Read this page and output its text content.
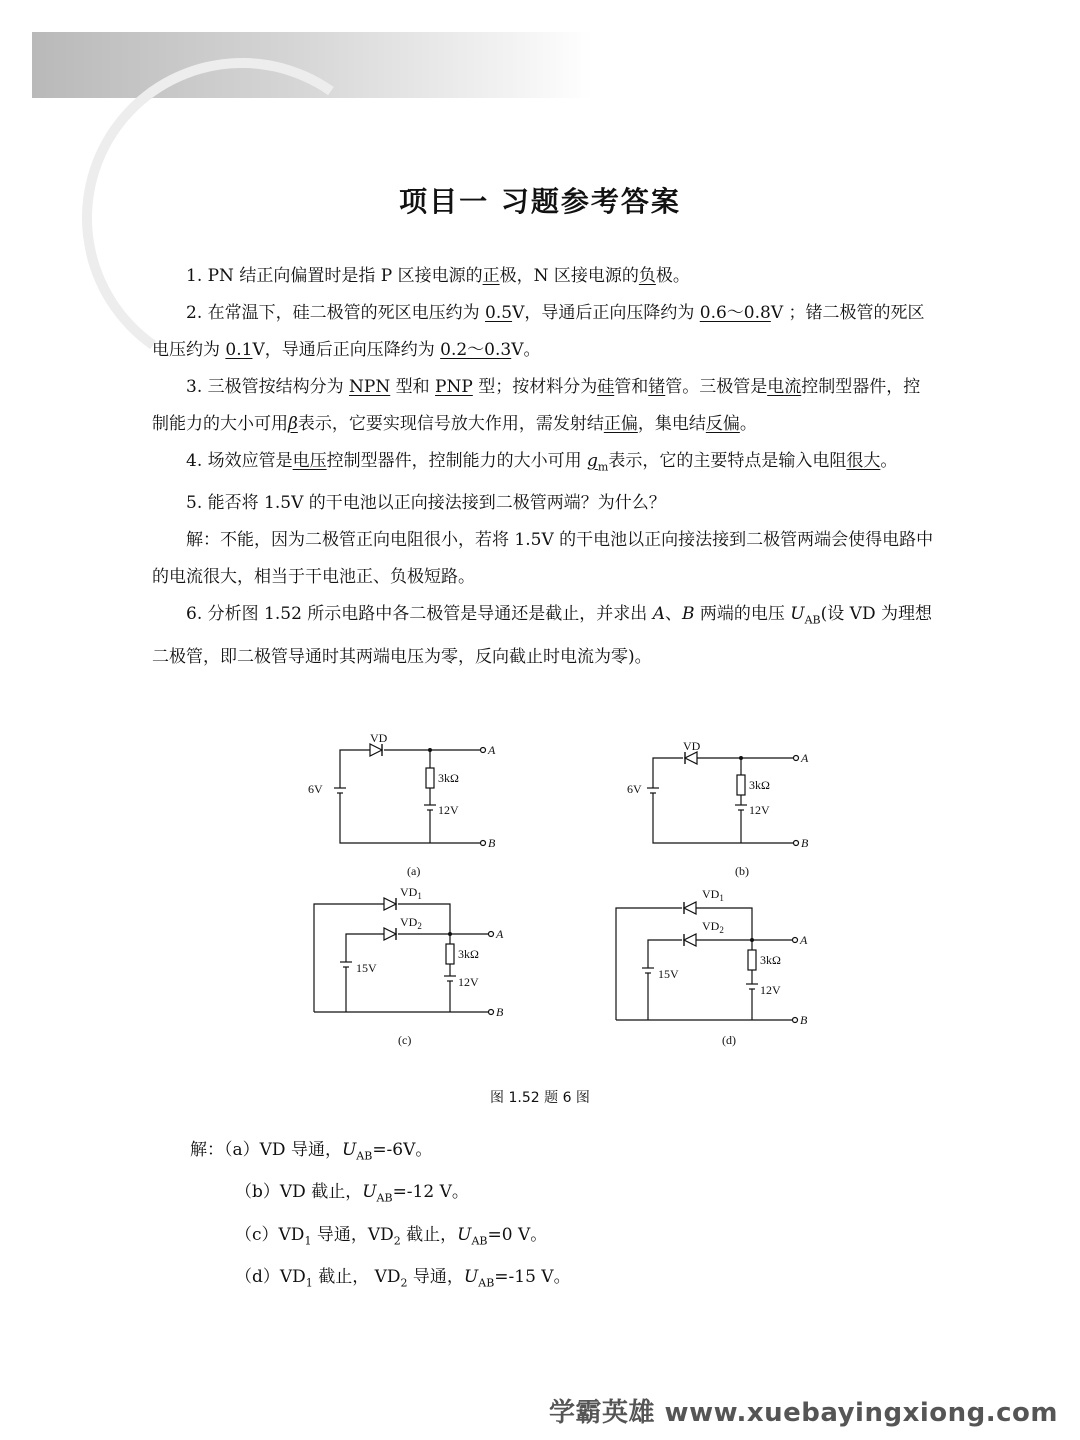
项目一 习题参考答案

1. PN 结正向偏置时是指 P 区接电源的正极，N 区接电源的负极。

2. 在常温下，硅二极管的死区电压约为 0.5V，导通后正向压降约为 0.6～0.8V ；锗二极管的死区电压约为 0.1V，导通后正向压降约为 0.2～0.3V。

3. 三极管按结构分为 NPN 型和 PNP 型；按材料分为硅管和锗管。三极管是电流控制型器件，控制能力的大小可用β表示，它要实现信号放大作用，需发射结正偏，集电结反偏。

4. 场效应管是电压控制型器件，控制能力的大小可用 $g_m$表示，它的主要特点是输入电阻很大。

5. 能否将 1.5V 的干电池以正向接法接到二极管两端？为什么？

解：不能，因为二极管正向电阻很小，若将 1.5V 的干电池以正向接法接到二极管两端会使得电路中的电流很大，相当于干电池正、负极短路。

6. 分析图 1.52 所示电路中各二极管是导通还是截止，并求出 A、B 两端的电压 $U_{AB}$(设 VD 为理想二极管，即二极管导通时其两端电压为零，反向截止时电流为零)。

VD
6V
3kΩ
12V
A
B
(a)
VD
6V	3kΩ
12V
A
B
(b)
$VD_1$
$VD_2$
15V
3kΩ
12V
A
B
(c)
$VD_1$
$VD_2$
15V
3kΩ
12V
A
B
(d)
图 1.52 题 6 图
解：（a）VD 导通，$U_{AB}=-6V$。
（b）VD 截止，$U_{AB}=-12$ V。
$(c)VD_1$ 导通，$VD_2$ 截止，$U_{AB}=0$ V。
$(d)VD_1$ 截止， $VD_2$ 导通，$U_{AB}=-15$ V。
学霸英雄 www.xuebayingxiong.com
